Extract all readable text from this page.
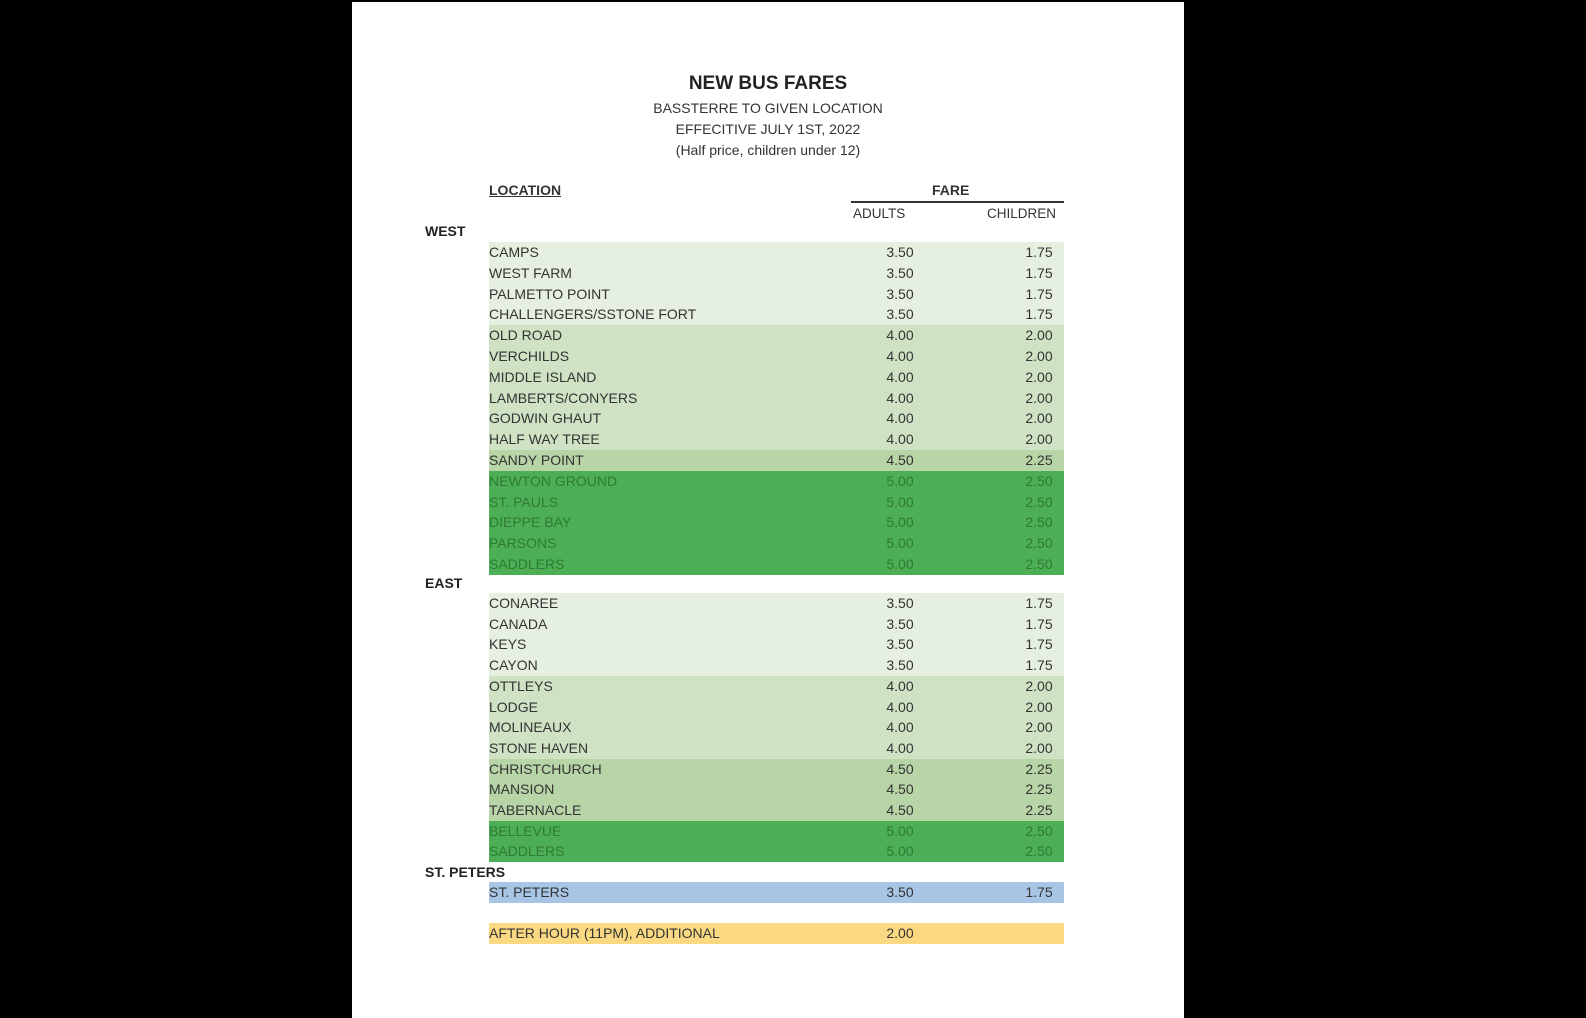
NEW BUS FARES
BASSTERRE TO GIVEN LOCATION
EFFECITIVE JULY 1ST, 2022
(Half price, children under 12)
LOCATION	FARE
ADULTS	CHILDREN
WEST
EAST
ST. PETERS
CAMPS	3.50	1.75
WEST FARM	3.50	1.75
PALMETTO POINT	3.50	1.75
CHALLENGERS/SSTONE FORT	3.50	1.75
OLD ROAD	4.00	2.00
VERCHILDS	4.00	2.00
MIDDLE ISLAND	4.00	2.00
LAMBERTS/CONYERS	4.00	2.00
GODWIN GHAUT	4.00	2.00
HALF WAY TREE	4.00	2.00
SANDY POINT	4.50	2.25
NEWTON GROUND	5.00	2.50
ST. PAULS	5.00	2.50
DIEPPE BAY	5.00	2.50
PARSONS	5.00	2.50
SADDLERS	5.00	2.50
CONAREE	3.50	1.75
CANADA	3.50	1.75
KEYS	3.50	1.75
CAYON	3.50	1.75
OTTLEYS	4.00	2.00
LODGE	4.00	2.00
MOLINEAUX	4.00	2.00
STONE HAVEN	4.00	2.00
CHRISTCHURCH	4.50	2.25
MANSION	4.50	2.25
TABERNACLE	4.50	2.25
BELLEVUE	5.00	2.50
SADDLERS	5.00	2.50
ST. PETERS	3.50	1.75
AFTER HOUR (11PM), ADDITIONAL	2.00
